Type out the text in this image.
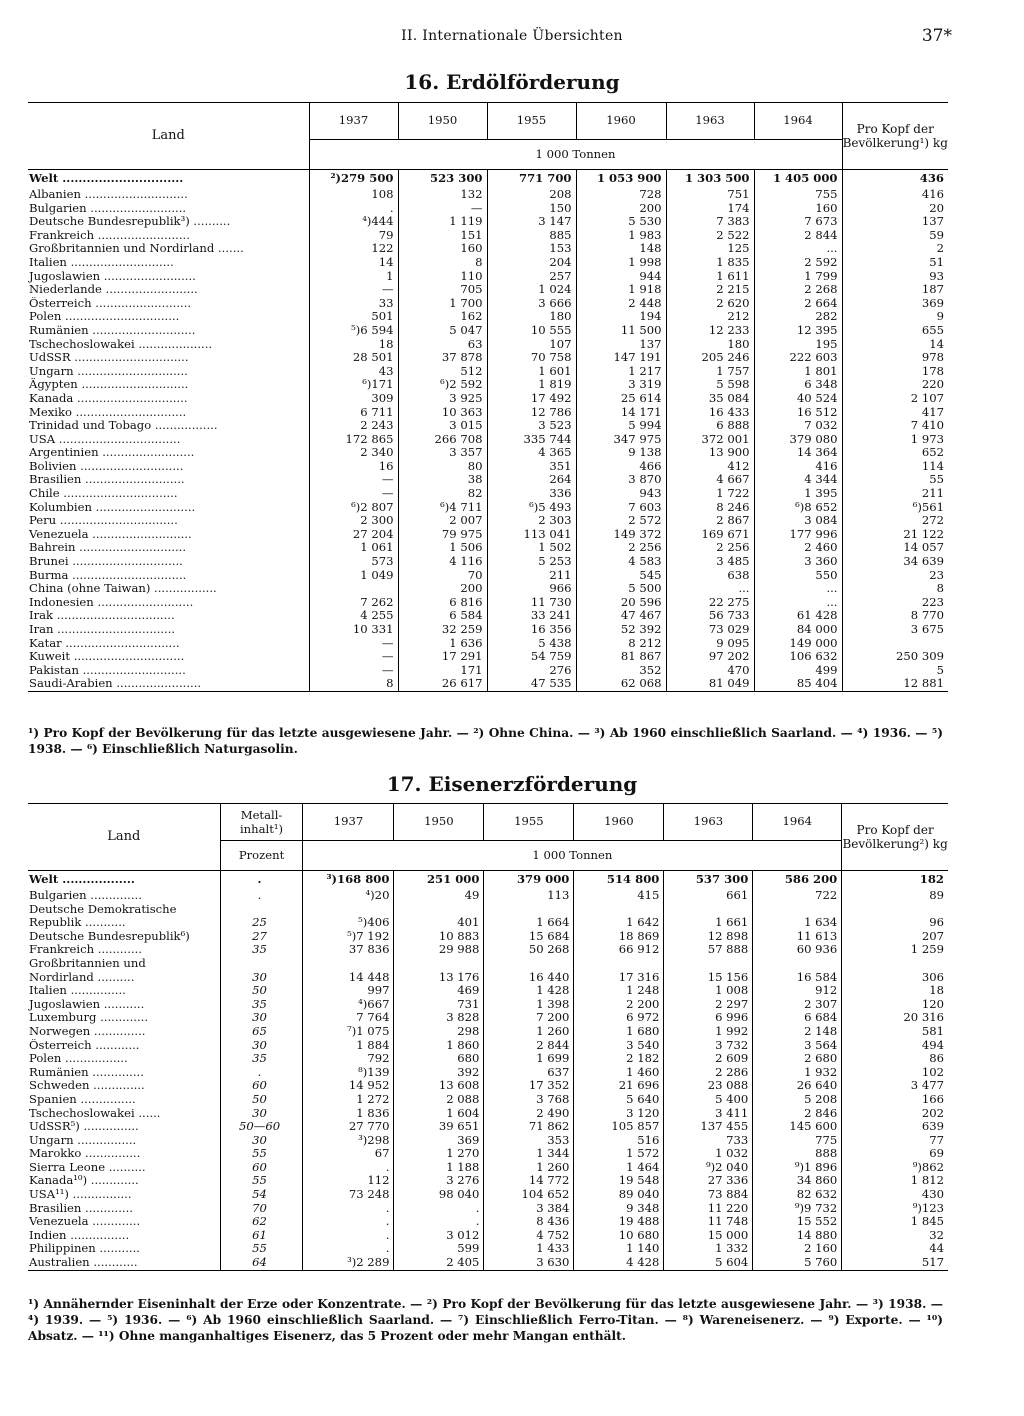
II. Internationale Übersichten	37*
16. Erdölförderung
Land	1937	1950	1955	1960	1963	1964	Pro Kopf der Bevölkerung¹) kg
	1 000 Tonnen						
Welt ..............................	²)279 500	523 300	771 700	1 053 900	1 303 500	1 405 000	436
Albanien ............................	108	132	208	728	751	755	416
Bulgarien ..........................	.	—	150	200	174	160	20
Deutsche Bundesrepublik³) ..........	⁴)444	1 119	3 147	5 530	7 383	7 673	137
Frankreich .........................	79	151	885	1 983	2 522	2 844	59
Großbritannien und Nordirland .......	122	160	153	148	125	...	2
Italien ............................	14	8	204	1 998	1 835	2 592	51
Jugoslawien .........................	1	110	257	944	1 611	1 799	93
Niederlande .........................	—	705	1 024	1 918	2 215	2 268	187
Österreich ..........................	33	1 700	3 666	2 448	2 620	2 664	369
Polen ...............................	501	162	180	194	212	282	9
Rumänien ............................	⁵)6 594	5 047	10 555	11 500	12 233	12 395	655
Tschechoslowakei ....................	18	63	107	137	180	195	14
UdSSR ...............................	28 501	37 878	70 758	147 191	205 246	222 603	978
Ungarn ..............................	43	512	1 601	1 217	1 757	1 801	178
Ägypten .............................	⁶)171	⁶)2 592	1 819	3 319	5 598	6 348	220
Kanada ..............................	309	3 925	17 492	25 614	35 084	40 524	2 107
Mexiko ..............................	6 711	10 363	12 786	14 171	16 433	16 512	417
Trinidad und Tobago .................	2 243	3 015	3 523	5 994	6 888	7 032	7 410
USA .................................	172 865	266 708	335 744	347 975	372 001	379 080	1 973
Argentinien .........................	2 340	3 357	4 365	9 138	13 900	14 364	652
Bolivien ............................	16	80	351	466	412	416	114
Brasilien ...........................	—	38	264	3 870	4 667	4 344	55
Chile ...............................	—	82	336	943	1 722	1 395	211
Kolumbien ...........................	⁶)2 807	⁶)4 711	⁶)5 493	7 603	8 246	⁶)8 652	⁶)561
Peru ................................	2 300	2 007	2 303	2 572	2 867	3 084	272
Venezuela ...........................	27 204	79 975	113 041	149 372	169 671	177 996	21 122
Bahrein .............................	1 061	1 506	1 502	2 256	2 256	2 460	14 057
Brunei ..............................	573	4 116	5 253	4 583	3 485	3 360	34 639
Burma ...............................	1 049	70	211	545	638	550	23
China (ohne Taiwan) .................		200	966	5 500	...	...	8
Indonesien ..........................	7 262	6 816	11 730	20 596	22 275	...	223
Irak ................................	4 255	6 584	33 241	47 467	56 733	61 428	8 770
Iran ................................	10 331	32 259	16 356	52 392	73 029	84 000	3 675
Katar ...............................	—	1 636	5 438	8 212	9 095	149 000	
Kuweit ..............................	—	17 291	54 759	81 867	97 202	106 632	250 309
Pakistan ............................	—	171	276	352	470	499	5
Saudi-Arabien .......................	8	26 617	47 535	62 068	81 049	85 404	12 881
¹) Pro Kopf der Bevölkerung für das letzte ausgewiesene Jahr. — ²) Ohne China. — ³) Ab 1960 einschließlich Saarland. — ⁴) 1936. — ⁵) 1938. — ⁶) Einschließlich Naturgasolin.
17. Eisenerzförderung
Land	Metall-inhalt¹)	1937	1950	1955	1960	1963	1964	Pro Kopf der Bevölkerung²) kg
	Prozent	1 000 Tonnen						
Welt ..................	.	³)168 800	251 000	379 000	514 800	537 300	586 200	182
Bulgarien ..............	.	⁴)20	49	113	415	661	722	89
Deutsche Demokratische								
Republik ...........	25	⁵)406	401	1 664	1 642	1 661	1 634	96
Deutsche Bundesrepublik⁶)	27	⁵)7 192	10 883	15 684	18 869	12 898	11 613	207
Frankreich ............	35	37 836	29 988	50 268	66 912	57 888	60 936	1 259
Großbritannien und								
Nordirland ..........	30	14 448	13 176	16 440	17 316	15 156	16 584	306
Italien ...............	50	997	469	1 428	1 248	1 008	912	18
Jugoslawien ...........	35	⁴)667	731	1 398	2 200	2 297	2 307	120
Luxemburg .............	30	7 764	3 828	7 200	6 972	6 996	6 684	20 316
Norwegen ..............	65	⁷)1 075	298	1 260	1 680	1 992	2 148	581
Österreich ............	30	1 884	1 860	2 844	3 540	3 732	3 564	494
Polen .................	35	792	680	1 699	2 182	2 609	2 680	86
Rumänien ..............	.	⁸)139	392	637	1 460	2 286	1 932	102
Schweden ..............	60	14 952	13 608	17 352	21 696	23 088	26 640	3 477
Spanien ...............	50	1 272	2 088	3 768	5 640	5 400	5 208	166
Tschechoslowakei ......	30	1 836	1 604	2 490	3 120	3 411	2 846	202
UdSSR⁵) ...............	50—60	27 770	39 651	71 862	105 857	137 455	145 600	639
Ungarn ................	30	³)298	369	353	516	733	775	77
Marokko ...............	55	67	1 270	1 344	1 572	1 032	888	69
Sierra Leone ..........	60	.	1 188	1 260	1 464	⁹)2 040	⁹)1 896	⁹)862
Kanada¹⁰) .............	55	112	3 276	14 772	19 548	27 336	34 860	1 812
USA¹¹) ................	54	73 248	98 040	104 652	89 040	73 884	82 632	430
Brasilien .............	70	.	.	3 384	9 348	11 220	⁹)9 732	⁹)123
Venezuela .............	62	.	.	8 436	19 488	11 748	15 552	1 845
Indien ................	61	.	3 012	4 752	10 680	15 000	14 880	32
Philippinen ...........	55	.	599	1 433	1 140	1 332	2 160	44
Australien ............	64	³)2 289	2 405	3 630	4 428	5 604	5 760	517
¹) Annähernder Eiseninhalt der Erze oder Konzentrate. — ²) Pro Kopf der Bevölkerung für das letzte ausgewiesene Jahr. — ³) 1938. — ⁴) 1939. — ⁵) 1936. — ⁶) Ab 1960 einschließlich Saarland. — ⁷) Einschließlich Ferro-Titan. — ⁸) Wareneisenerz. — ⁹) Exporte. — ¹⁰) Absatz. — ¹¹) Ohne manganhaltiges Eisenerz, das 5 Prozent oder mehr Mangan enthält.
